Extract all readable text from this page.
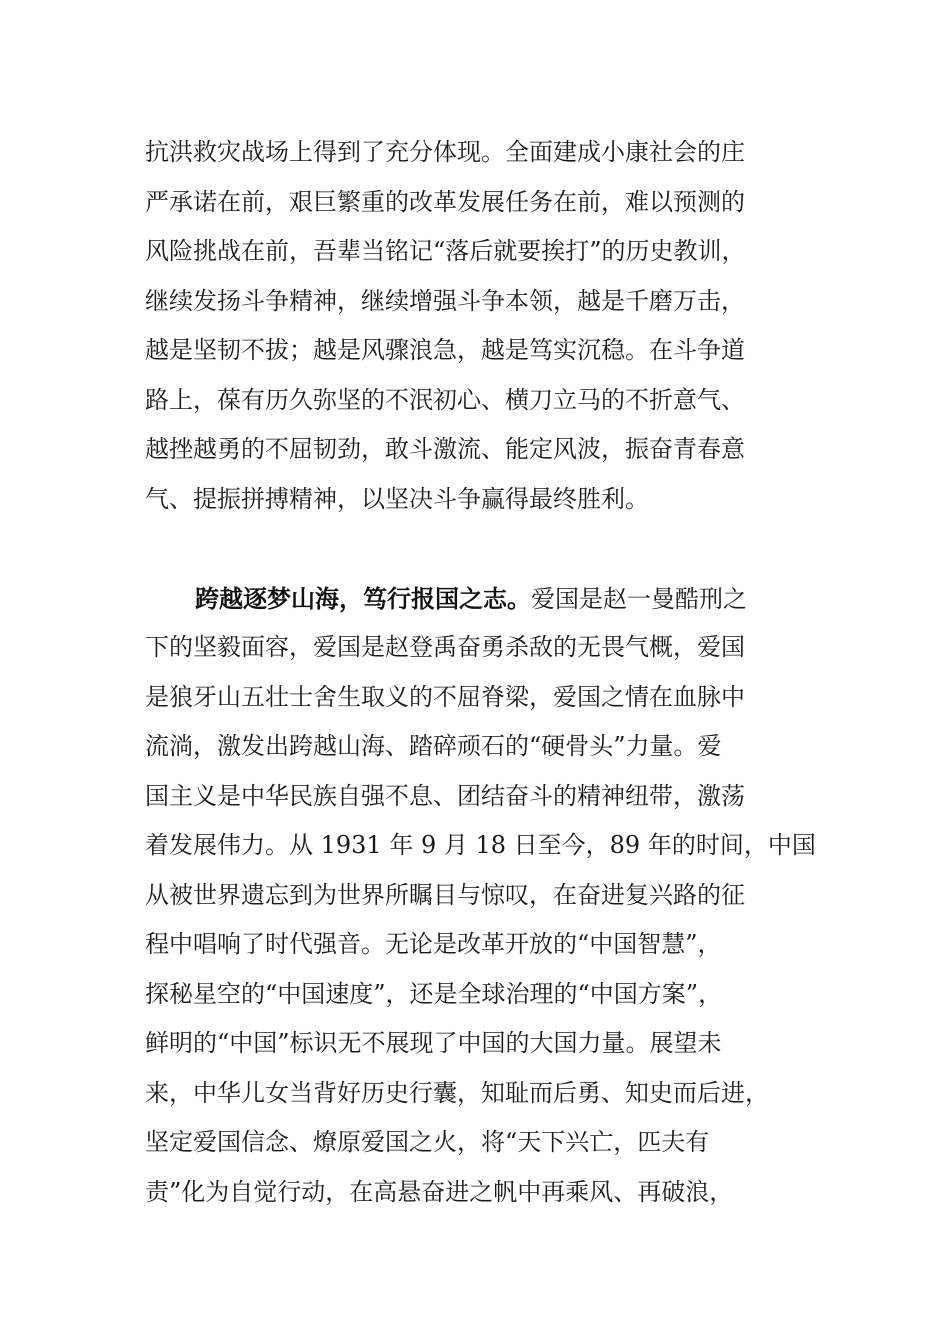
抗洪救灾战场上得到了充分体现。全面建成小康社会的庄
严承诺在前，艰巨繁重的改革发展任务在前，难以预测的
风险挑战在前，吾辈当铭记“落后就要挨打”的历史教训，
继续发扬斗争精神，继续增强斗争本领，越是千磨万击，
越是坚韧不拔；越是风骤浪急，越是笃实沉稳。在斗争道
路上，葆有历久弥坚的不泯初心、横刀立马的不折意气、
越挫越勇的不屈韧劲，敢斗激流、能定风波，振奋青春意
气、提振拼搏精神，以坚决斗争赢得最终胜利。
跨越逐梦山海，笃行报国之志。爱国是赵一曼酷刑之
下的坚毅面容，爱国是赵登禹奋勇杀敌的无畏气概，爱国
是狼牙山五壮士舍生取义的不屈脊梁，爱国之情在血脉中
流淌，激发出跨越山海、踏碎顽石的“硬骨头”力量。爱
国主义是中华民族自强不息、团结奋斗的精神纽带，激荡
着发展伟力。从 1931 年 9 月 18 日至今，89 年的时间，中国
从被世界遗忘到为世界所瞩目与惊叹，在奋进复兴路的征
程中唱响了时代强音。无论是改革开放的“中国智慧”，
探秘星空的“中国速度”，还是全球治理的“中国方案”，
鲜明的“中国”标识无不展现了中国的大国力量。展望未
来，中华儿女当背好历史行囊，知耻而后勇、知史而后进，
坚定爱国信念、燎原爱国之火，将“天下兴亡，匹夫有
责”化为自觉行动，在高悬奋进之帆中再乘风、再破浪，
